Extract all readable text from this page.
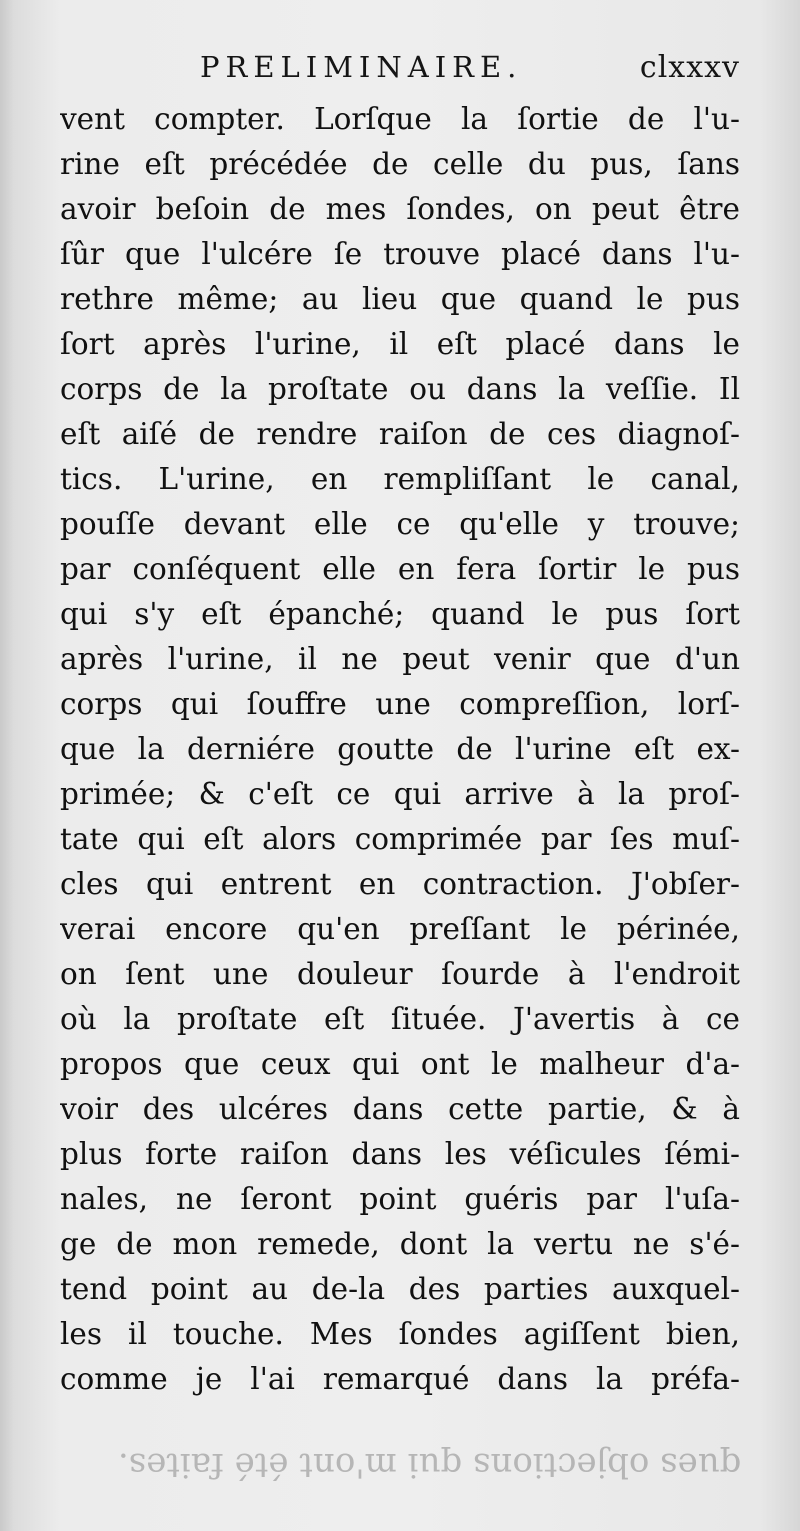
ques objections qui m'ont été faites.
PRELIMINAIRE.	clxxxv
vent compter. Lorſque la ſortie de l'u-
rine eſt précédée de celle du pus, ſans
avoir beſoin de mes ſondes, on peut être
ſûr que l'ulcére ſe trouve placé dans l'u-
rethre même; au lieu que quand le pus
ſort après l'urine, il eſt placé dans le
corps de la proſtate ou dans la veſſie. Il
eſt aiſé de rendre raiſon de ces diagnoſ-
tics. L'urine, en rempliſſant le canal,
pouſſe devant elle ce qu'elle y trouve;
par conſéquent elle en fera ſortir le pus
qui s'y eſt épanché; quand le pus ſort
après l'urine, il ne peut venir que d'un
corps qui ſouffre une compreſſion, lorſ-
que la derniére goutte de l'urine eſt ex-
primée; & c'eſt ce qui arrive à la proſ-
tate qui eſt alors comprimée par ſes muſ-
cles qui entrent en contraction. J'obſer-
verai encore qu'en preſſant le périnée,
on ſent une douleur ſourde à l'endroit
où la proſtate eſt ſituée. J'avertis à ce
propos que ceux qui ont le malheur d'a-
voir des ulcéres dans cette partie, & à
plus forte raiſon dans les véſicules ſémi-
nales, ne ſeront point guéris par l'uſa-
ge de mon remede, dont la vertu ne s'é-
tend point au de-la des parties auxquel-
les il touche. Mes ſondes agiſſent bien,
comme je l'ai remarqué dans la préfa-
